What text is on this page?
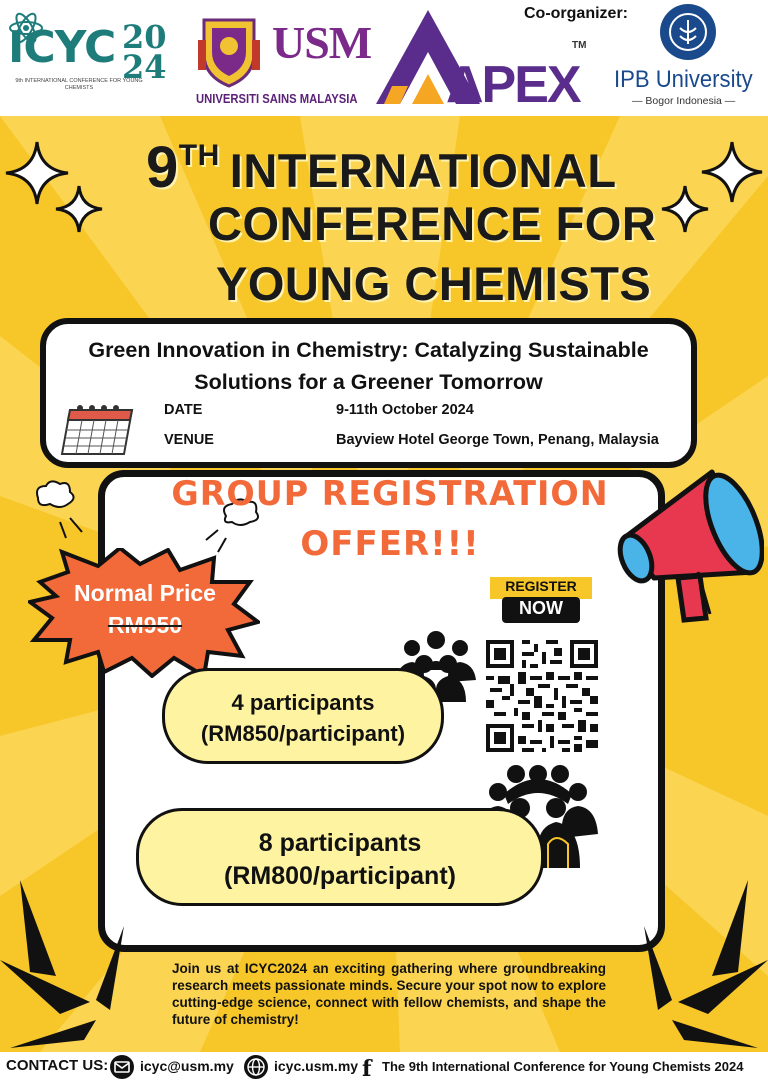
ICYC 20
24
9th INTERNATIONAL CONFERENCE FOR YOUNG CHEMISTS
USM
UNIVERSITI SAINS MALAYSIA APEX
TM
Co-organizer:
IPB University
— Bogor Indonesia —
9TH INTERNATIONAL
CONFERENCE FOR
YOUNG CHEMISTS
Green Innovation in Chemistry: Catalyzing Sustainable
Solutions for a Greener Tomorrow
DATE	9-11th October 2024
VENUE	Bayview Hotel George Town, Penang, Malaysia
GROUP REGISTRATION
OFFER!!!
Normal Price
RM950
REGISTER
NOW
4 participants
(RM850/participant)
8 participants
(RM800/participant)
Join us at ICYC2024 an exciting gathering where groundbreaking research meets passionate minds. Secure your spot now to explore cutting-edge science, connect with fellow chemists, and shape the future of chemistry!
CONTACT US: icyc@usm.my	icyc.usm.my f The 9th International Conference for Young Chemists 2024
